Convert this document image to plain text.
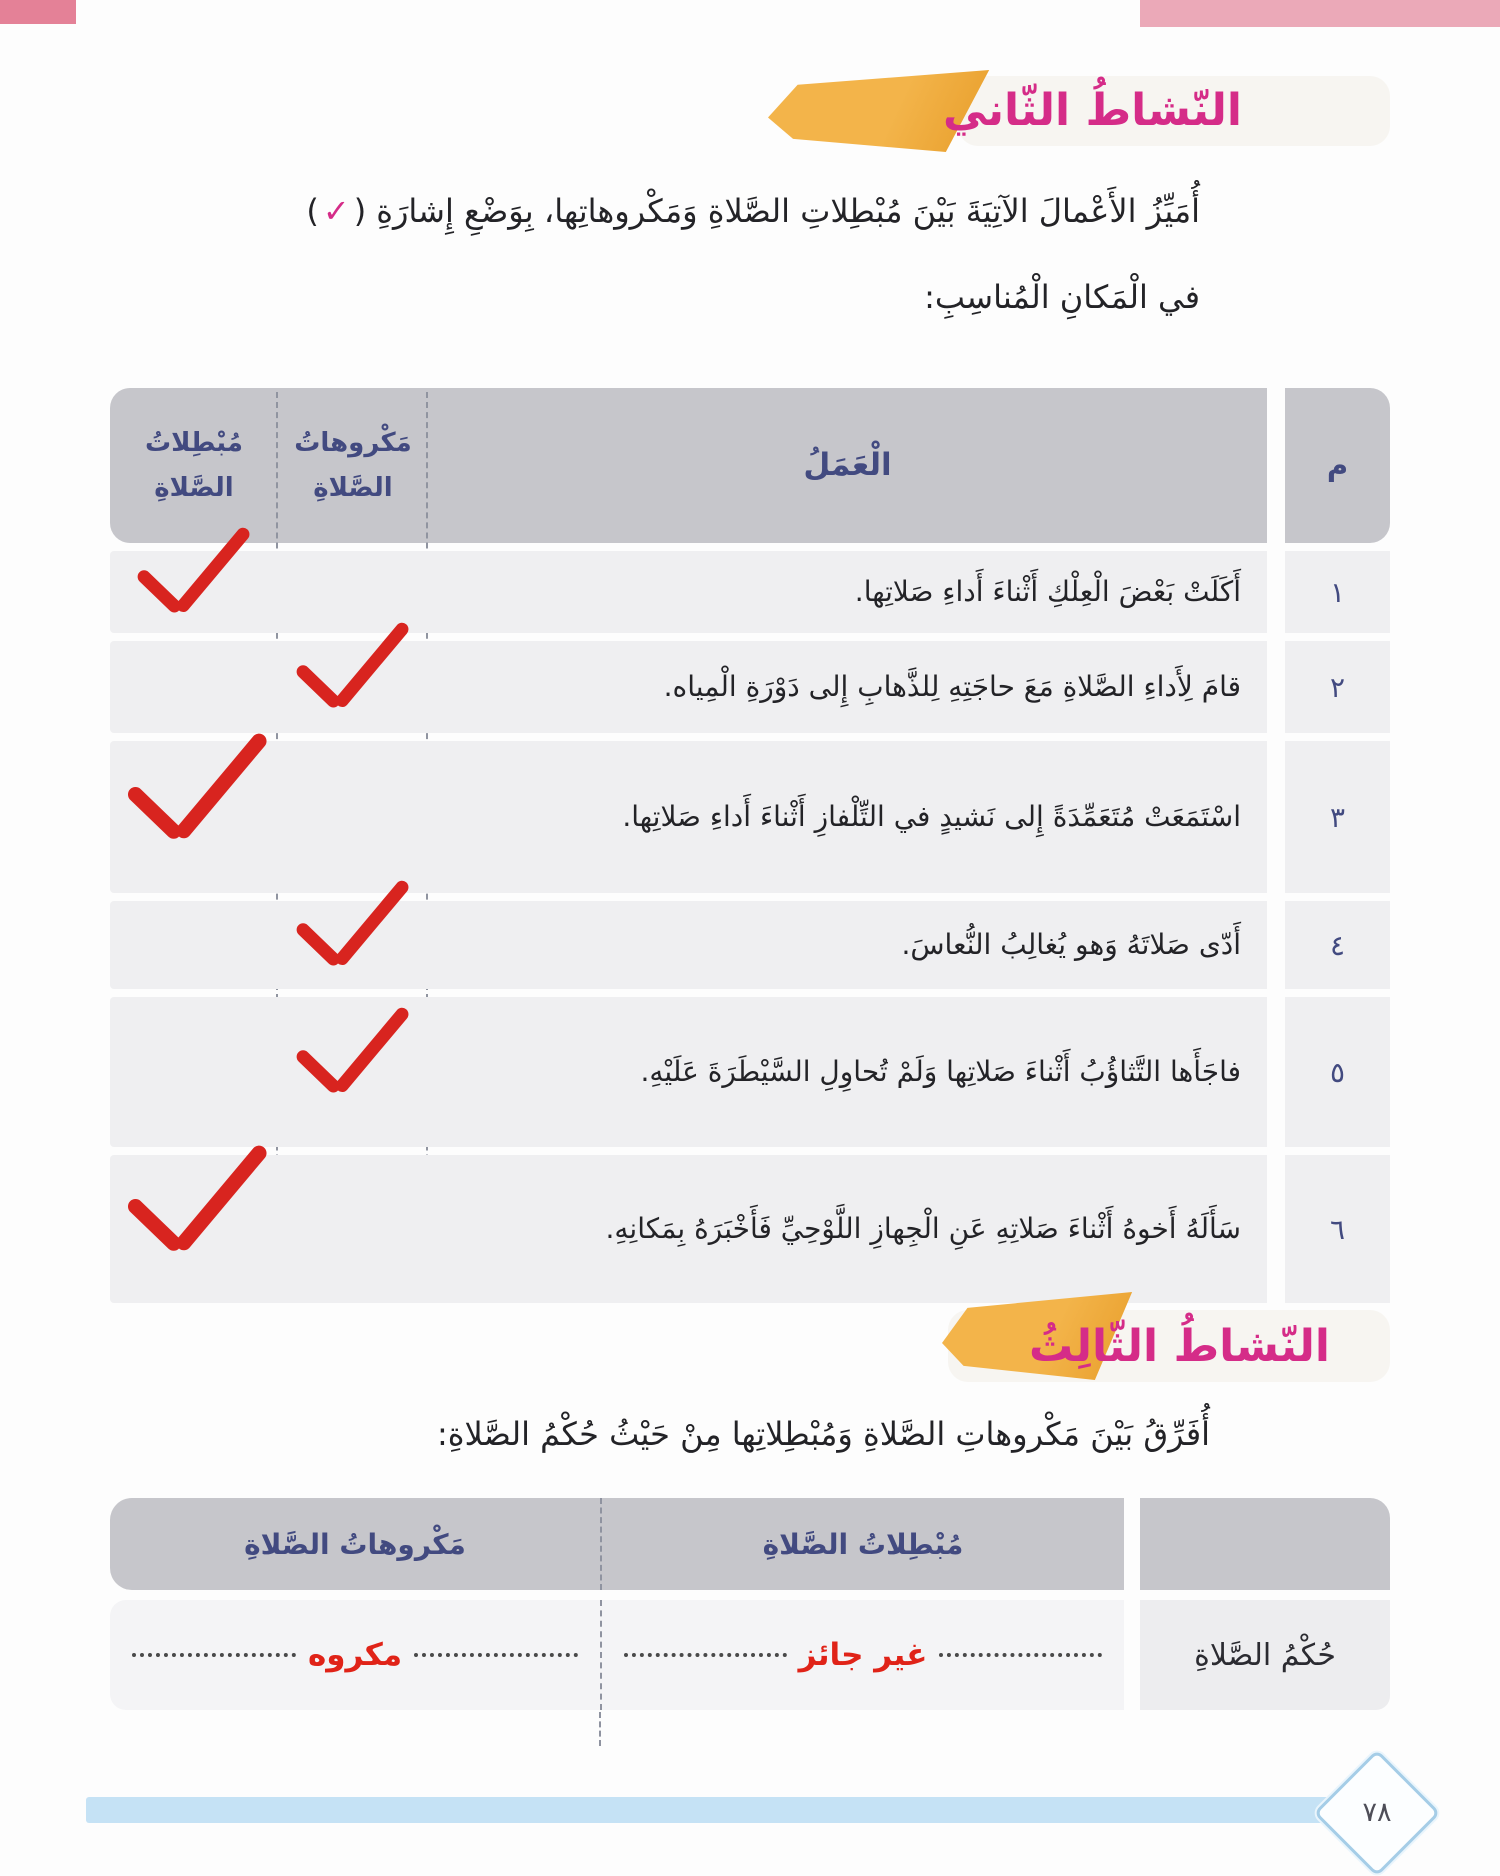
النّشاطُ الثّاني
أُمَيِّزُ الأَعْمالَ الآتِيَةَ بَيْنَ مُبْطِلاتِ الصَّلاةِ وَمَكْروهاتِها، بِوَضْعِ إِشارَةِ( ✓ )
في الْمَكانِ الْمُناسِبِ:
م
الْعَمَلُ
مَكْروهاتُ الصَّلاةِ
مُبْطِلاتُ الصَّلاةِ
١
أَكَلَتْ بَعْضَ الْعِلْكِ أَثْناءَ أَداءِ صَلاتِها.
٢
قامَ لِأَداءِ الصَّلاةِ مَعَ حاجَتِهِ لِلذَّهابِ إِلى دَوْرَةِ الْمِياه.
٣
اسْتَمَعَتْ مُتَعَمِّدَةً إِلى نَشيدٍ في التِّلْفازِ أَثْناءَ أَداءِ صَلاتِها.
٤
أَدّى صَلاتَهُ وَهو يُغالِبُ النُّعاسَ.
٥
فاجَأَها التَّثاؤُبُ أَثْناءَ صَلاتِها وَلَمْ تُحاوِلِ السَّيْطَرَةَ عَلَيْهِ.
٦
سَأَلَهُ أَخوهُ أَثْناءَ صَلاتِهِ عَنِ الْجِهازِ اللَّوْحِيِّ فَأَخْبَرَهُ بِمَكانِهِ.
النّشاطُ الثّالِثُ
أُفَرِّقُ بَيْنَ مَكْروهاتِ الصَّلاةِ وَمُبْطِلاتِها مِنْ حَيْثُ حُكْمُ الصَّلاةِ:
مُبْطِلاتُ الصَّلاةِ
مَكْروهاتُ الصَّلاةِ
حُكْمُ الصَّلاةِ
غير جائز
مكروه
٧٨
